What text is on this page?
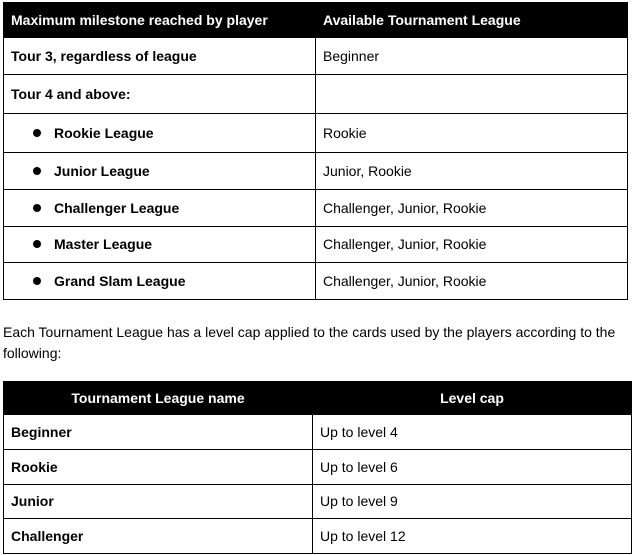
Maximum milestone reached by player	Available Tournament League
Tour 3, regardless of league	Beginner
Tour 4 and above:	
Rookie League	Rookie
Junior League	Junior, Rookie
Challenger League	Challenger, Junior, Rookie
Master League	Challenger, Junior, Rookie
Grand Slam League	Challenger, Junior, Rookie

Each Tournament League has a level cap applied to the cards used by the players according to the following:

Tournament League name	Level cap
Beginner	Up to level 4
Rookie	Up to level 6
Junior	Up to level 9
Challenger	Up to level 12
